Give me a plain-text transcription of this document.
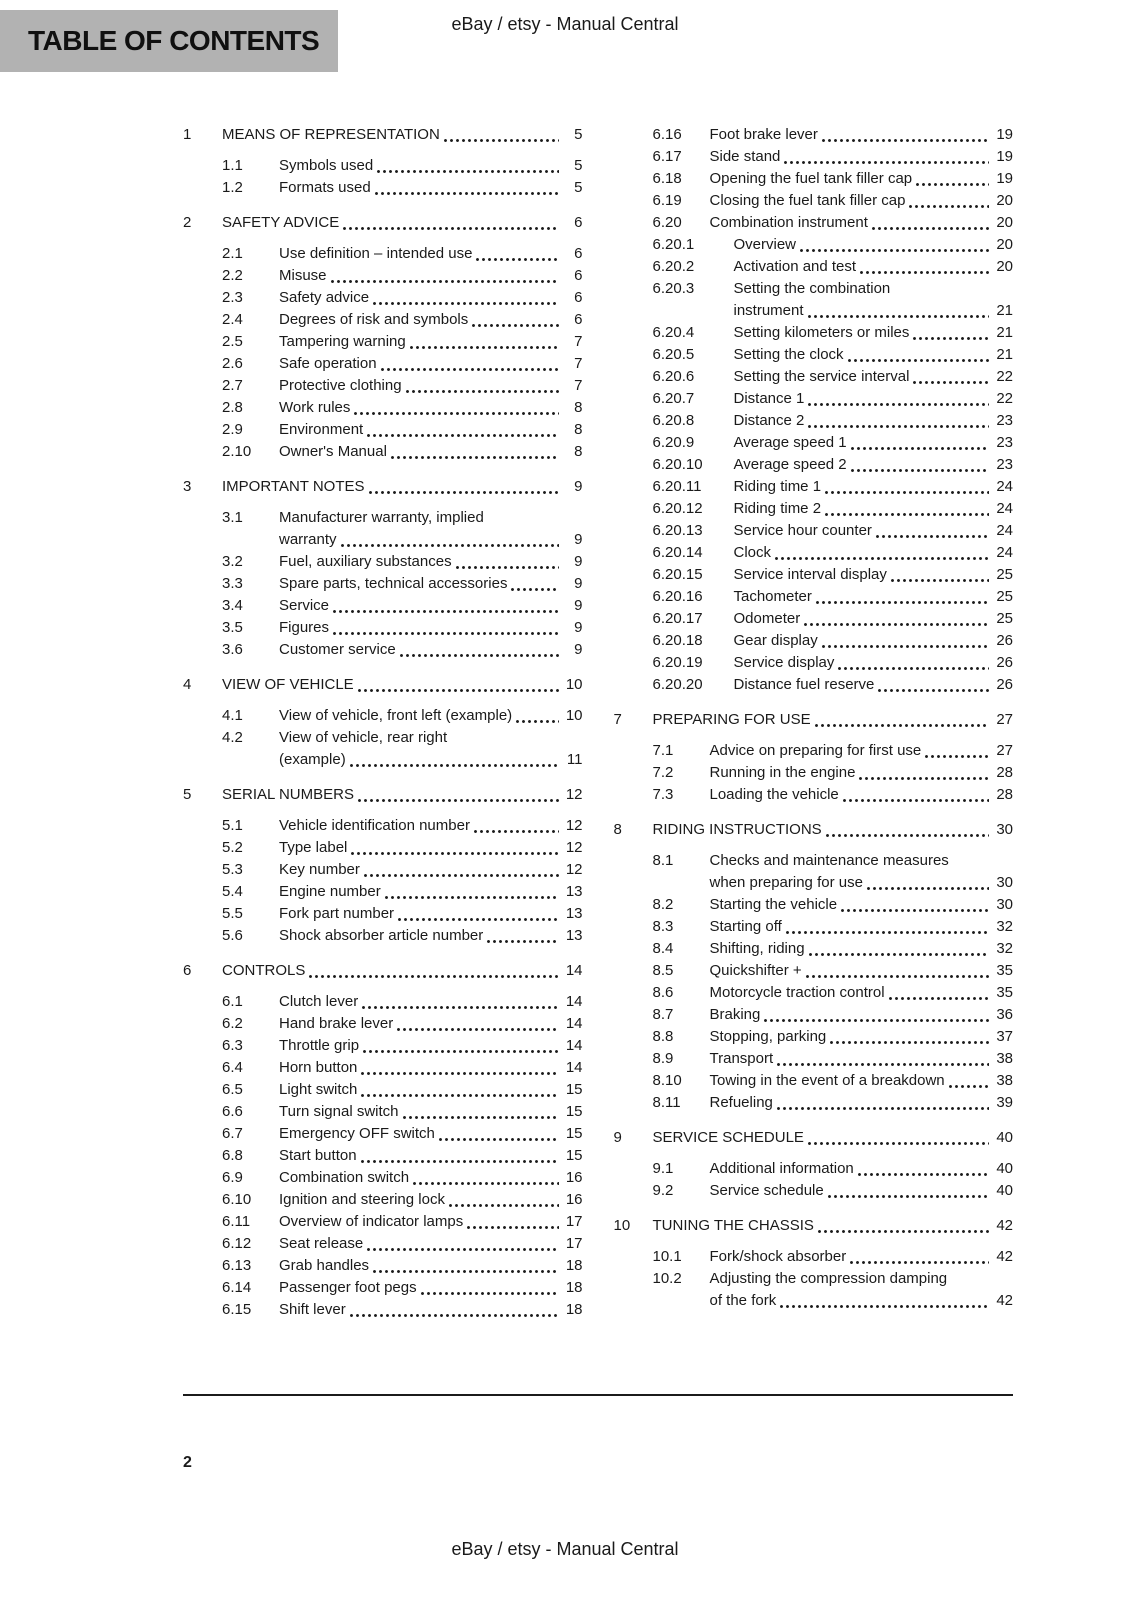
TABLE OF CONTENTS
eBay / etsy - Manual Central
1	MEANS OF REPRESENTATION	5
1.1	Symbols used	5
1.2	Formats used	5
2	SAFETY ADVICE	6
2.1	Use definition – intended use	6
2.2	Misuse	6
2.3	Safety advice	6
2.4	Degrees of risk and symbols	6
2.5	Tampering warning	7
2.6	Safe operation	7
2.7	Protective clothing	7
2.8	Work rules	8
2.9	Environment	8
2.10	Owner's Manual	8
3	IMPORTANT NOTES	9
3.1	Manufacturer warranty, implied
warranty	9
3.2	Fuel, auxiliary substances	9
3.3	Spare parts, technical accessories	9
3.4	Service	9
3.5	Figures	9
3.6	Customer service	9
4	VIEW OF VEHICLE	10
4.1	View of vehicle, front left (example)	10
4.2	View of vehicle, rear right
(example)	11
5	SERIAL NUMBERS	12
5.1	Vehicle identification number	12
5.2	Type label	12
5.3	Key number	12
5.4	Engine number	13
5.5	Fork part number	13
5.6	Shock absorber article number	13
6	CONTROLS	14
6.1	Clutch lever	14
6.2	Hand brake lever	14
6.3	Throttle grip	14
6.4	Horn button	14
6.5	Light switch	15
6.6	Turn signal switch	15
6.7	Emergency OFF switch	15
6.8	Start button	15
6.9	Combination switch	16
6.10	Ignition and steering lock	16
6.11	Overview of indicator lamps	17
6.12	Seat release	17
6.13	Grab handles	18
6.14	Passenger foot pegs	18
6.15	Shift lever	18
6.16	Foot brake lever	19
6.17	Side stand	19
6.18	Opening the fuel tank filler cap	19
6.19	Closing the fuel tank filler cap	20
6.20	Combination instrument	20
6.20.1	Overview	20
6.20.2	Activation and test	20
6.20.3	Setting the combination
instrument	21
6.20.4	Setting kilometers or miles	21
6.20.5	Setting the clock	21
6.20.6	Setting the service interval	22
6.20.7	Distance 1	22
6.20.8	Distance 2	23
6.20.9	Average speed 1	23
6.20.10	Average speed 2	23
6.20.11	Riding time 1	24
6.20.12	Riding time 2	24
6.20.13	Service hour counter	24
6.20.14	Clock	24
6.20.15	Service interval display	25
6.20.16	Tachometer	25
6.20.17	Odometer	25
6.20.18	Gear display	26
6.20.19	Service display	26
6.20.20	Distance fuel reserve	26
7	PREPARING FOR USE	27
7.1	Advice on preparing for first use	27
7.2	Running in the engine	28
7.3	Loading the vehicle	28
8	RIDING INSTRUCTIONS	30
8.1	Checks and maintenance measures
when preparing for use	30
8.2	Starting the vehicle	30
8.3	Starting off	32
8.4	Shifting, riding	32
8.5	Quickshifter +	35
8.6	Motorcycle traction control	35
8.7	Braking	36
8.8	Stopping, parking	37
8.9	Transport	38
8.10	Towing in the event of a breakdown	38
8.11	Refueling	39
9	SERVICE SCHEDULE	40
9.1	Additional information	40
9.2	Service schedule	40
10	TUNING THE CHASSIS	42
10.1	Fork/shock absorber	42
10.2	Adjusting the compression damping
of the fork	42
2
eBay / etsy - Manual Central
